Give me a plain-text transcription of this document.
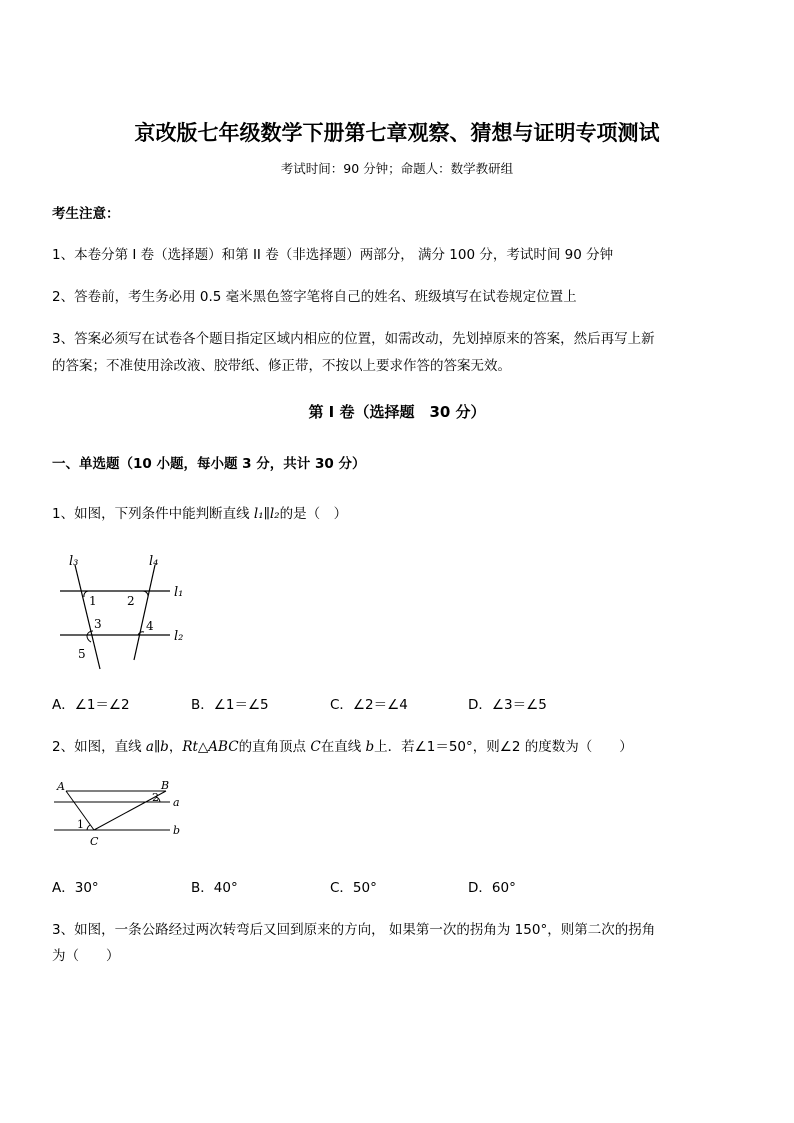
京改版七年级数学下册第七章观察、猜想与证明专项测试
考试时间：90 分钟；命题人：数学教研组
考生注意：
1、本卷分第 I 卷（选择题）和第 II 卷（非选择题）两部分， 满分 100 分，考试时间 90 分钟
2、答卷前，考生务必用 0.5 毫米黑色签字笔将自己的姓名、班级填写在试卷规定位置上
3、答案必须写在试卷各个题目指定区域内相应的位置，如需改动，先划掉原来的答案，然后再写上新
的答案；不准使用涂改液、胶带纸、修正带，不按以上要求作答的答案无效。
第 I 卷（选择题　30 分）
一、单选题（10 小题，每小题 3 分，共计 30 分）
1、如图，下列条件中能判断直线 l₁∥l₂的是（　）
l₃	l₄
l₁
l₂
1	2
3	4
5
A．∠1＝∠2	B．∠1＝∠5	C．∠2＝∠4	D．∠3＝∠5
2、如图，直线 a∥b，Rt△ABC的直角顶点 C在直线 b上．若∠1＝50°，则∠2 的度数为（　　）
A	B
C
a
b
1
2
A．30°	B．40°	C．50°	D．60°
3、如图，一条公路经过两次转弯后又回到原来的方向， 如果第一次的拐角为 150°，则第二次的拐角
为（　　）
